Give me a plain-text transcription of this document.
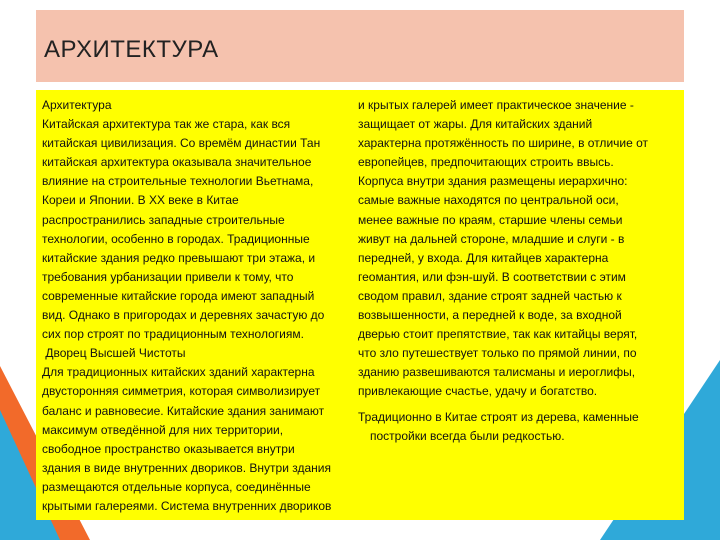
АРХИТЕКТУРА
Архитектура
Китайская архитектура так же стара, как вся
китайская цивилизация. Со времём династии Тан
китайская архитектура оказывала значительное
влияние на строительные технологии Вьетнама,
Кореи и Японии. В XX веке в Китае
распространились западные строительные
технологии, особенно в городах. Традиционные
китайские здания редко превышают три этажа, и
требования урбанизации привели к тому, что
современные китайские города имеют западный
вид. Однако в пригородах и деревнях зачастую до
сих пор строят по традиционным технологиям.
Дворец Высшей Чистоты
Для традиционных китайских зданий характерна
двусторонняя симметрия, которая символизирует
баланс и равновесие. Китайские здания занимают
максимум отведённой для них территории,
свободное пространство оказывается внутри
здания в виде внутренних двориков. Внутри здания
размещаются отдельные корпуса, соединённые
крытыми галереями. Система внутренних двориков
и крытых галерей имеет практическое значение -
защищает от жары. Для китайских зданий
характерна протяжённость по ширине, в отличие от
европейцев, предпочитающих строить ввысь.
Корпуса внутри здания размещены иерархично:
самые важные находятся по центральной оси,
менее важные по краям, старшие члены семьи
живут на дальней стороне, младшие и слуги - в
передней, у входа. Для китайцев характерна
геомантия, или фэн-шуй. В соответствии с этим
сводом правил, здание строят задней частью к
возвышенности, а передней к воде, за входной
дверью стоит препятствие, так как китайцы верят,
что зло путешествует только по прямой линии, по
зданию развешиваются талисманы и иероглифы,
привлекающие счастье, удачу и богатство.
Традиционно в Китае строят из дерева, каменные
постройки всегда были редкостью.
